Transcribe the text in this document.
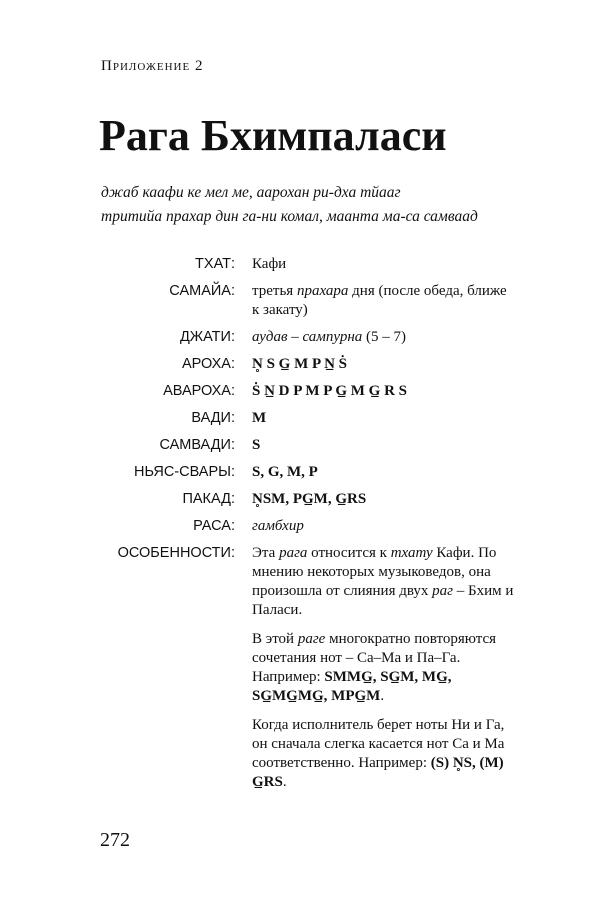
Приложение 2
Рага Бхимпаласи
джаб каафи ке мел ме, аарохан ри-дха тйааг
тритийа прахар дин га-ни комал, маанта ма-са самваад
ТХАТ: Кафи
САМАЙА: третья прахара дня (после обеда, ближе к закату)
ДЖАТИ: аудав – сампурна (5 – 7)
АРОХА: N̥ S G̲ M P N̲ Ṡ
АВАРОХА: Ṡ N̲ D P M P G̲ M G̲ R S
ВАДИ: M
САМВАДИ: S
НЬЯС-СВАРЫ: S, G, M, P
ПАКАД: N̥SM, PG̲M, G̲RS
РАСА: гамбхир
ОСОБЕННОСТИ: Эта рага относится к тхату Кафи. По мнению некоторых музыковедов, она произошла от слияния двух раг – Бхим и Паласи.

В этой раге многократно повторяются сочетания нот – Са–Ма и Па–Га. Например: SMMG̲, SG̲M, MG̲, SG̲MG̲MG̲, MPG̲M.

Когда исполнитель берет ноты Ни и Га, он сначала слегка касается нот Са и Ма соответственно. Например: (S) N̥S, (M) G̲RS.

272
